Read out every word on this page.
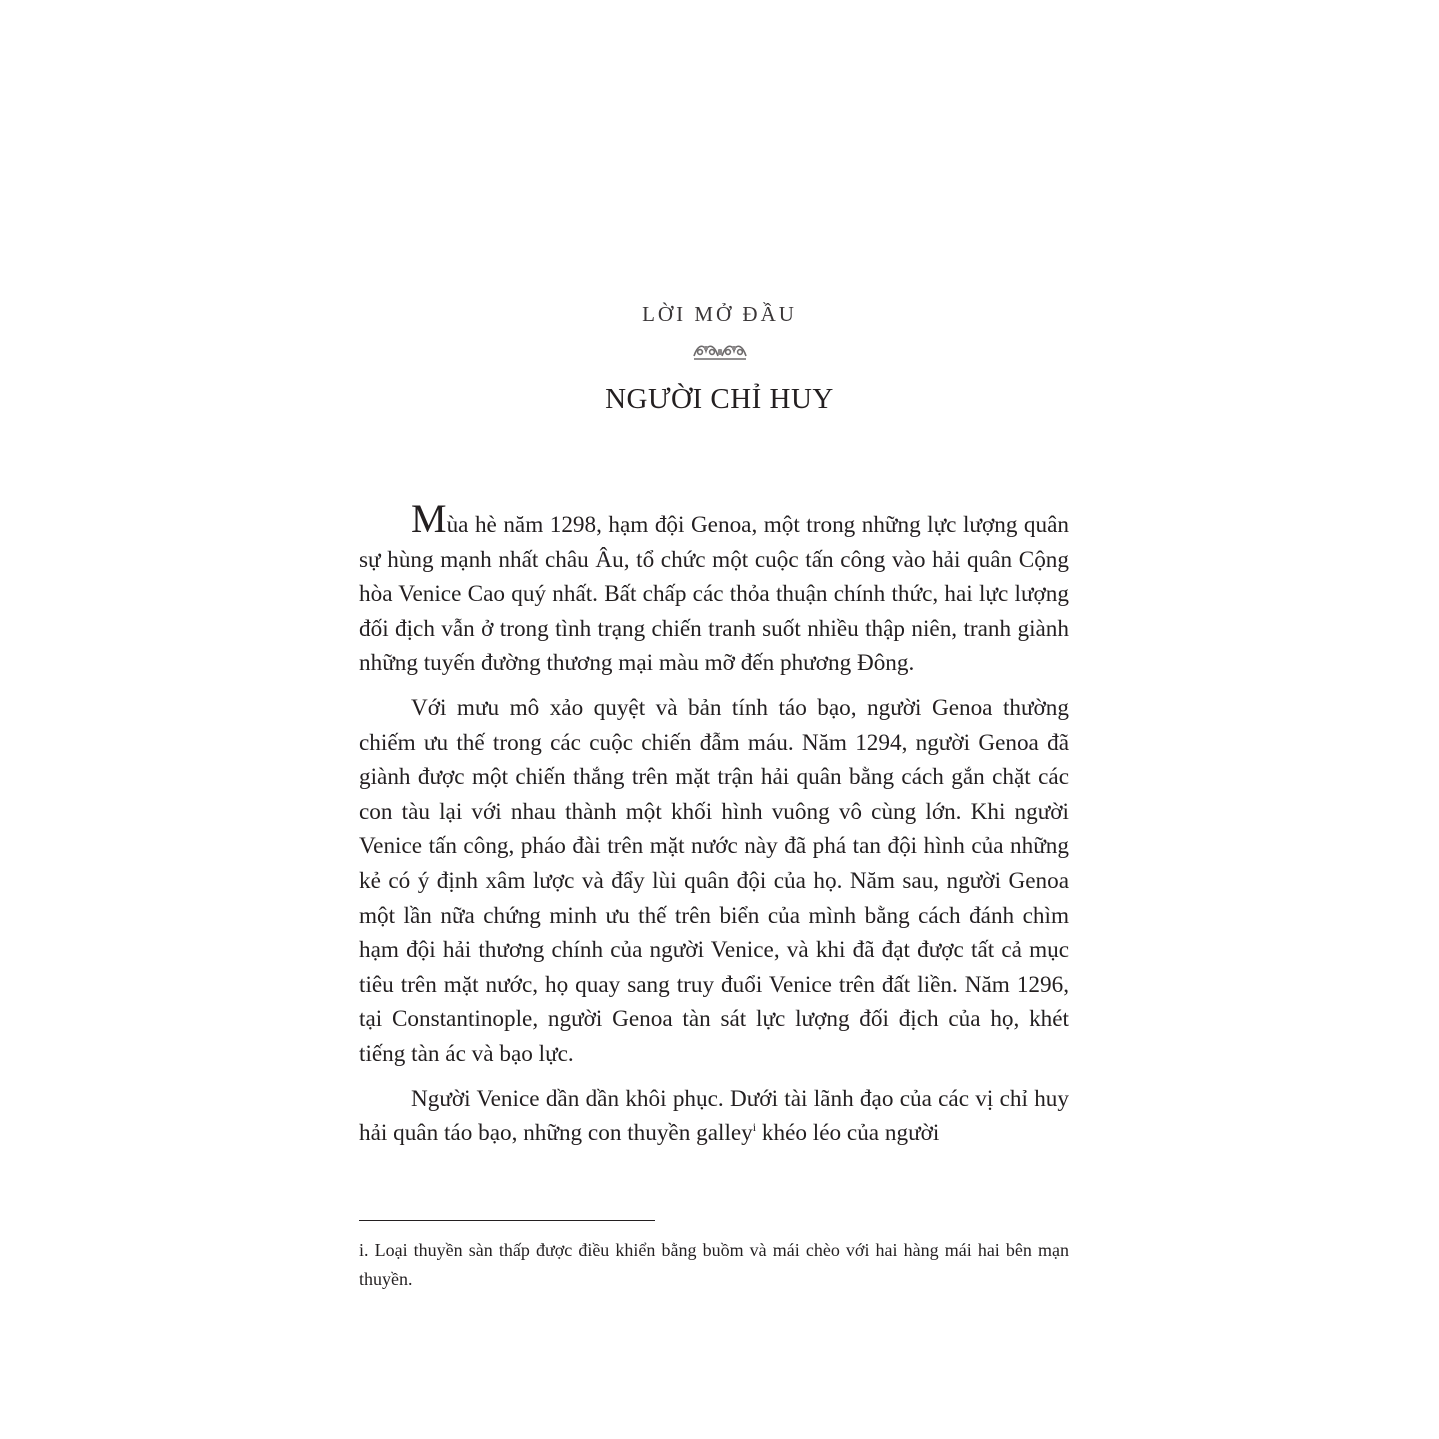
LỜI MỞ ĐẦU
NGƯỜI CHỈ HUY

Mùa hè năm 1298, hạm đội Genoa, một trong những lực lượng quân sự hùng mạnh nhất châu Âu, tổ chức một cuộc tấn công vào hải quân Cộng hòa Venice Cao quý nhất. Bất chấp các thỏa thuận chính thức, hai lực lượng đối địch vẫn ở trong tình trạng chiến tranh suốt nhiều thập niên, tranh giành những tuyến đường thương mại màu mỡ đến phương Đông.

Với mưu mô xảo quyệt và bản tính táo bạo, người Genoa thường chiếm ưu thế trong các cuộc chiến đẫm máu. Năm 1294, người Genoa đã giành được một chiến thắng trên mặt trận hải quân bằng cách gắn chặt các con tàu lại với nhau thành một khối hình vuông vô cùng lớn. Khi người Venice tấn công, pháo đài trên mặt nước này đã phá tan đội hình của những kẻ có ý định xâm lược và đẩy lùi quân đội của họ. Năm sau, người Genoa một lần nữa chứng minh ưu thế trên biển của mình bằng cách đánh chìm hạm đội hải thương chính của người Venice, và khi đã đạt được tất cả mục tiêu trên mặt nước, họ quay sang truy đuổi Venice trên đất liền. Năm 1296, tại Constantinople, người Genoa tàn sát lực lượng đối địch của họ, khét tiếng tàn ác và bạo lực.

Người Venice dần dần khôi phục. Dưới tài lãnh đạo của các vị chỉ huy hải quân táo bạo, những con thuyền galley$^i$ khéo léo của người

i. Loại thuyền sàn thấp được điều khiển bằng buồm và mái chèo với hai hàng mái hai bên mạn thuyền.
